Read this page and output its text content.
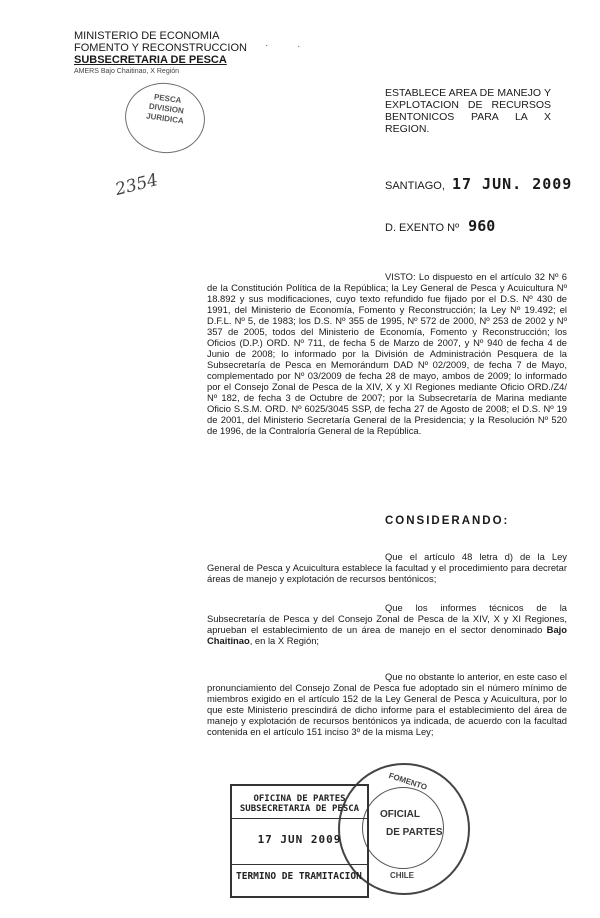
·	·
MINISTERIO DE ECONOMIA
FOMENTO Y RECONSTRUCCION
SUBSECRETARIA DE PESCA
AMERS Bajo Chaitinao, X Región
PESCA
DIVISION
JURIDICA
2354
ESTABLECE AREA DE MANEJO Y EXPLOTACION DE RECURSOS BENTONICOS PARA LA X REGION.
SANTIAGO, 17 JUN. 2009
D. EXENTO Nº 960
VISTO: Lo dispuesto en el artículo 32 Nº 6 de la Constitución Política de la República; la Ley General de Pesca y Acuicultura Nº 18.892 y sus modificaciones, cuyo texto refundido fue fijado por el D.S. Nº 430 de 1991, del Ministerio de Economía, Fomento y Reconstrucción; la Ley Nº 19.492; el D.F.L. Nº 5, de 1983; los D.S. Nº 355 de 1995, Nº 572 de 2000, Nº 253 de 2002 y Nº 357 de 2005, todos del Ministerio de Economía, Fomento y Reconstrucción; los Oficios (D.P.) ORD. Nº 711, de fecha 5 de Marzo de 2007, y Nº 940 de fecha 4 de Junio de 2008; lo informado por la División de Administración Pesquera de la Subsecretaría de Pesca en Memorándum DAD Nº 02/2009, de fecha 7 de Mayo, complementado por Nº 03/2009 de fecha 28 de mayo, ambos de 2009; lo informado por el Consejo Zonal de Pesca de la XIV, X y XI Regiones mediante Oficio ORD./Z4/ Nº 182, de fecha 3 de Octubre de 2007; por la Subsecretaría de Marina mediante Oficio S.S.M. ORD. Nº 6025/3045 SSP, de fecha 27 de Agosto de 2008; el D.S. Nº 19 de 2001, del Ministerio Secretaría General de la Presidencia; y la Resolución Nº 520 de 1996, de la Contraloría General de la República.
CONSIDERANDO:
Que el artículo 48 letra d) de la Ley General de Pesca y Acuicultura establece la facultad y el procedimiento para decretar áreas de manejo y explotación de recursos bentónicos;
Que los informes técnicos de la Subsecretaría de Pesca y del Consejo Zonal de Pesca de la XIV, X y XI Regiones, aprueban el establecimiento de un área de manejo en el sector denominado Bajo Chaitinao, en la X Región;
Que no obstante lo anterior, en este caso el pronunciamiento del Consejo Zonal de Pesca fue adoptado sin el número mínimo de miembros exigido en el artículo 152 de la Ley General de Pesca y Acuicultura, por lo que este Ministerio prescindirá de dicho informe para el establecimiento del área de manejo y explotación de recursos bentónicos ya indicada, de acuerdo con la facultad contenida en el artículo 151 inciso 3º de la misma Ley;
FOMENTO
OFICIAL
DE PARTES
CHILE
OFICINA DE PARTES
SUBSECRETARIA DE PESCA
17 JUN 2009
TERMINO DE TRAMITACION
